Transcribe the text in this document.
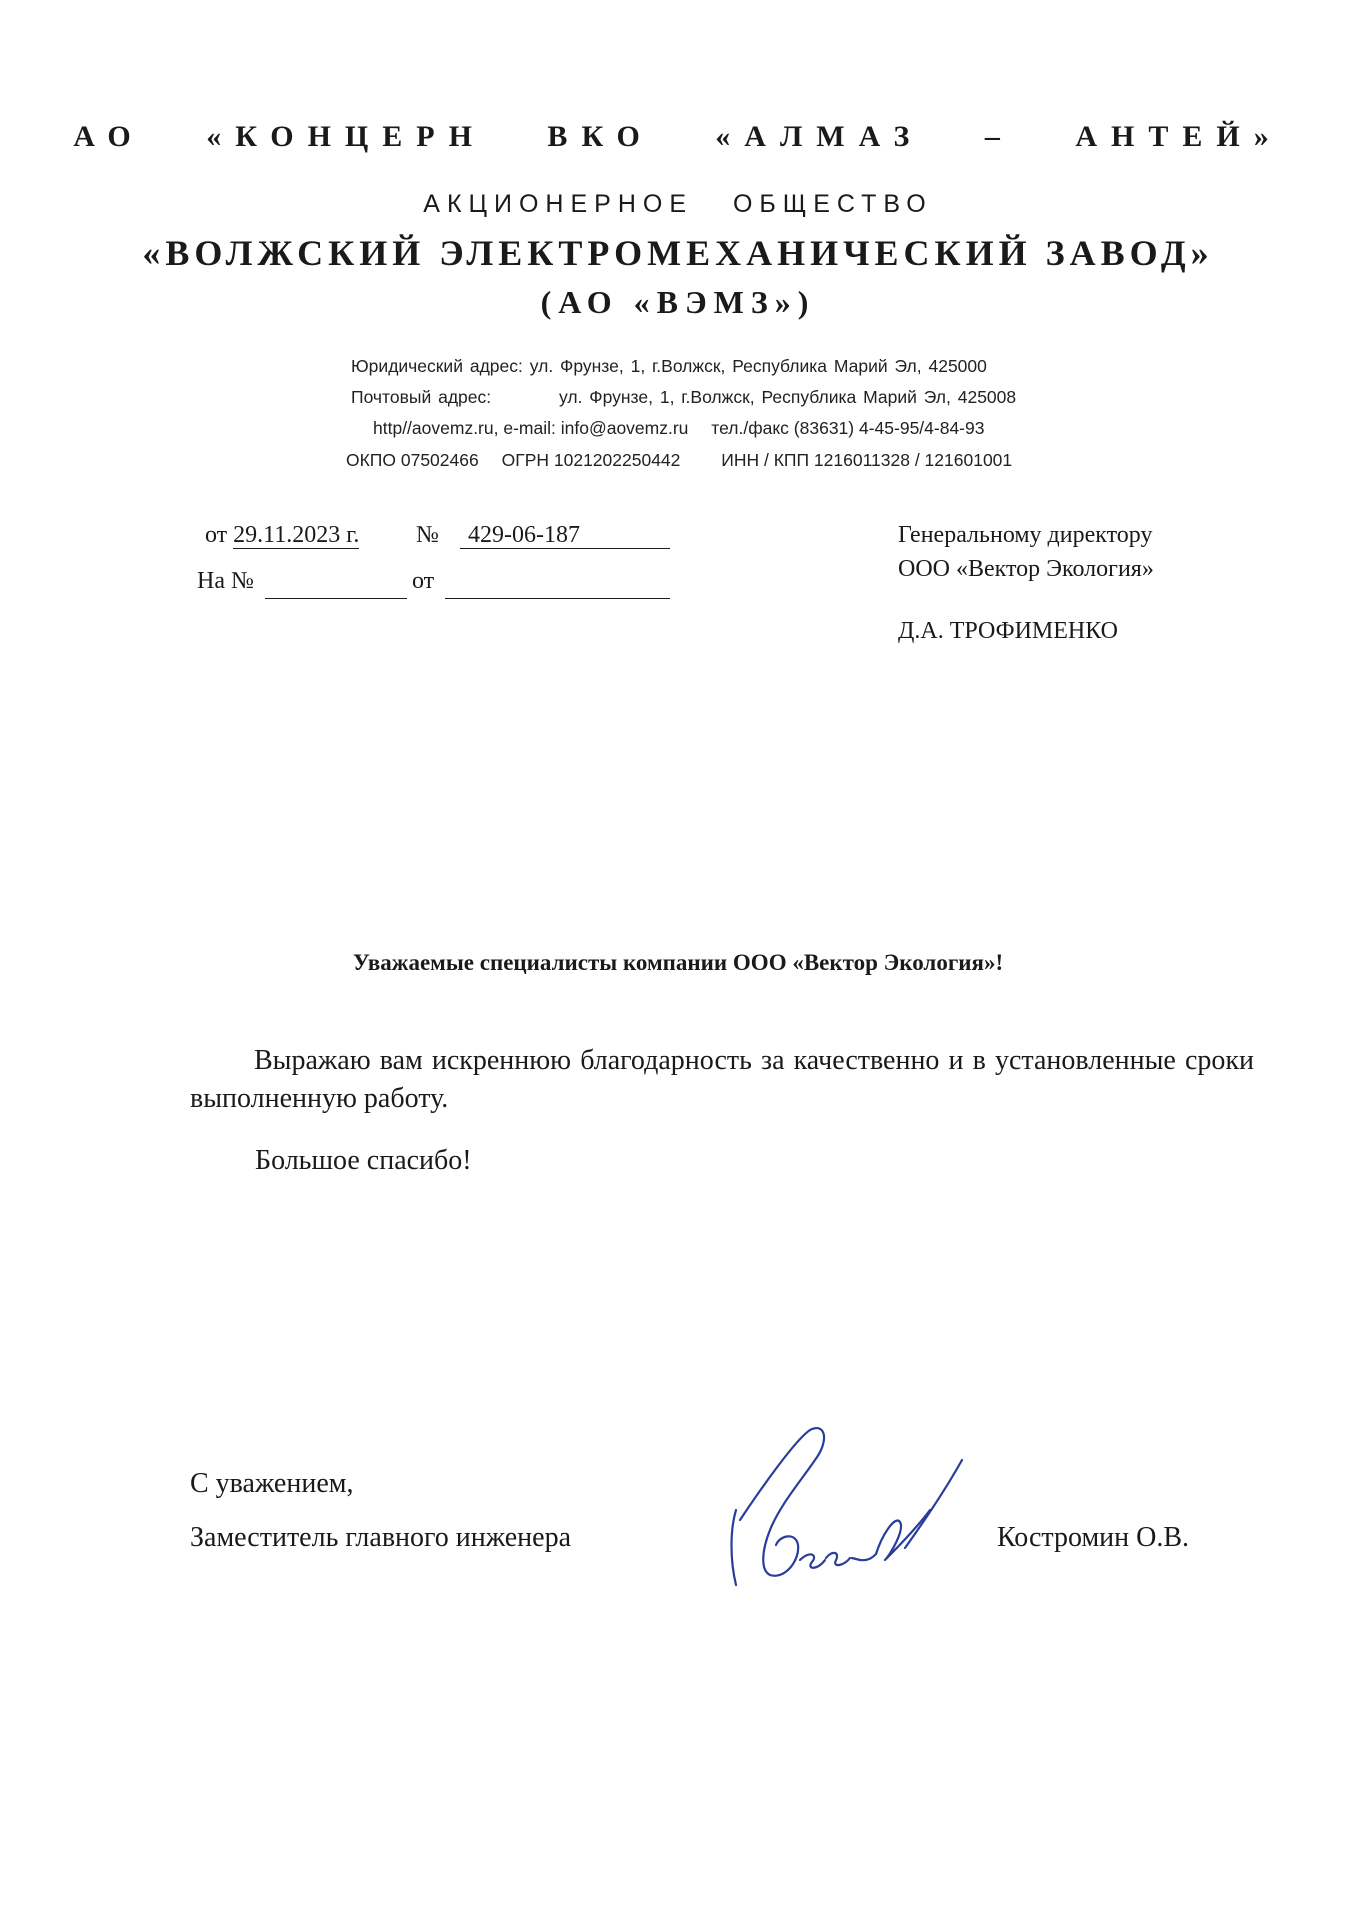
АО «КОНЦЕРН ВКО «АЛМАЗ – АНТЕЙ»
АКЦИОНЕРНОЕ ОБЩЕСТВО
«ВОЛЖСКИЙ ЭЛЕКТРОМЕХАНИЧЕСКИЙ ЗАВОД»
(АО «ВЭМЗ»)
Юридический адрес: ул. Фрунзе, 1, г.Волжск, Республика Марий Эл, 425000
Почтовый адрес:	ул. Фрунзе, 1, г.Волжск, Республика Марий Эл, 425008
http//aovemz.ru, e-mail: info@aovemz.ru тел./факс (83631) 4-45-95/4-84-93
ОКПО 07502466 ОГРН 1021202250442 ИНН / КПП 1216011328 / 121601001
от 29.11.2023 г. №	429-06-187
На №	от
Генеральному директору
ООО «Вектор Экология»
Д.А. ТРОФИМЕНКО
Уважаемые специалисты компании ООО «Вектор Экология»!
Выражаю вам искреннюю благодарность за качественно и в установленные сроки выполненную работу.
Большое спасибо!
С уважением,
Заместитель главного инженера	Костромин О.В.
